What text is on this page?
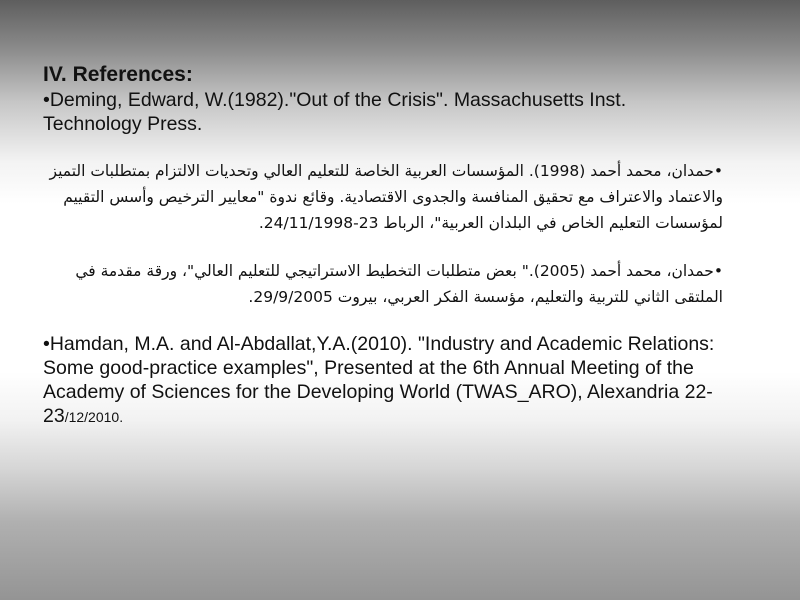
IV. References:
•Deming, Edward, W.(1982)."Out of the Crisis". Massachusetts Inst. Technology Press.
•حمدان، محمد أحمد (1998). المؤسسات العربية الخاصة للتعليم العالي وتحديات الالتزام بمتطلبات التميز والاعتماد والاعتراف مع تحقيق المنافسة والجدوى الاقتصادية. وقائع ندوة "معايير الترخيص وأسس التقييم لمؤسسات التعليم الخاص في البلدان العربية"، الرباط 23-24/11/1998.
•حمدان، محمد أحمد (2005)." بعض متطلبات التخطيط الاستراتيجي للتعليم العالي"، ورقة مقدمة في الملتقى الثاني للتربية والتعليم، مؤسسة الفكر العربي، بيروت 29/9/2005.
•Hamdan, M.A. and Al-Abdallat,Y.A.(2010). "Industry and Academic Relations: Some good-practice examples", Presented at the 6th Annual Meeting of the Academy of Sciences for the Developing World (TWAS_ARO), Alexandria 22-23/12/2010.
